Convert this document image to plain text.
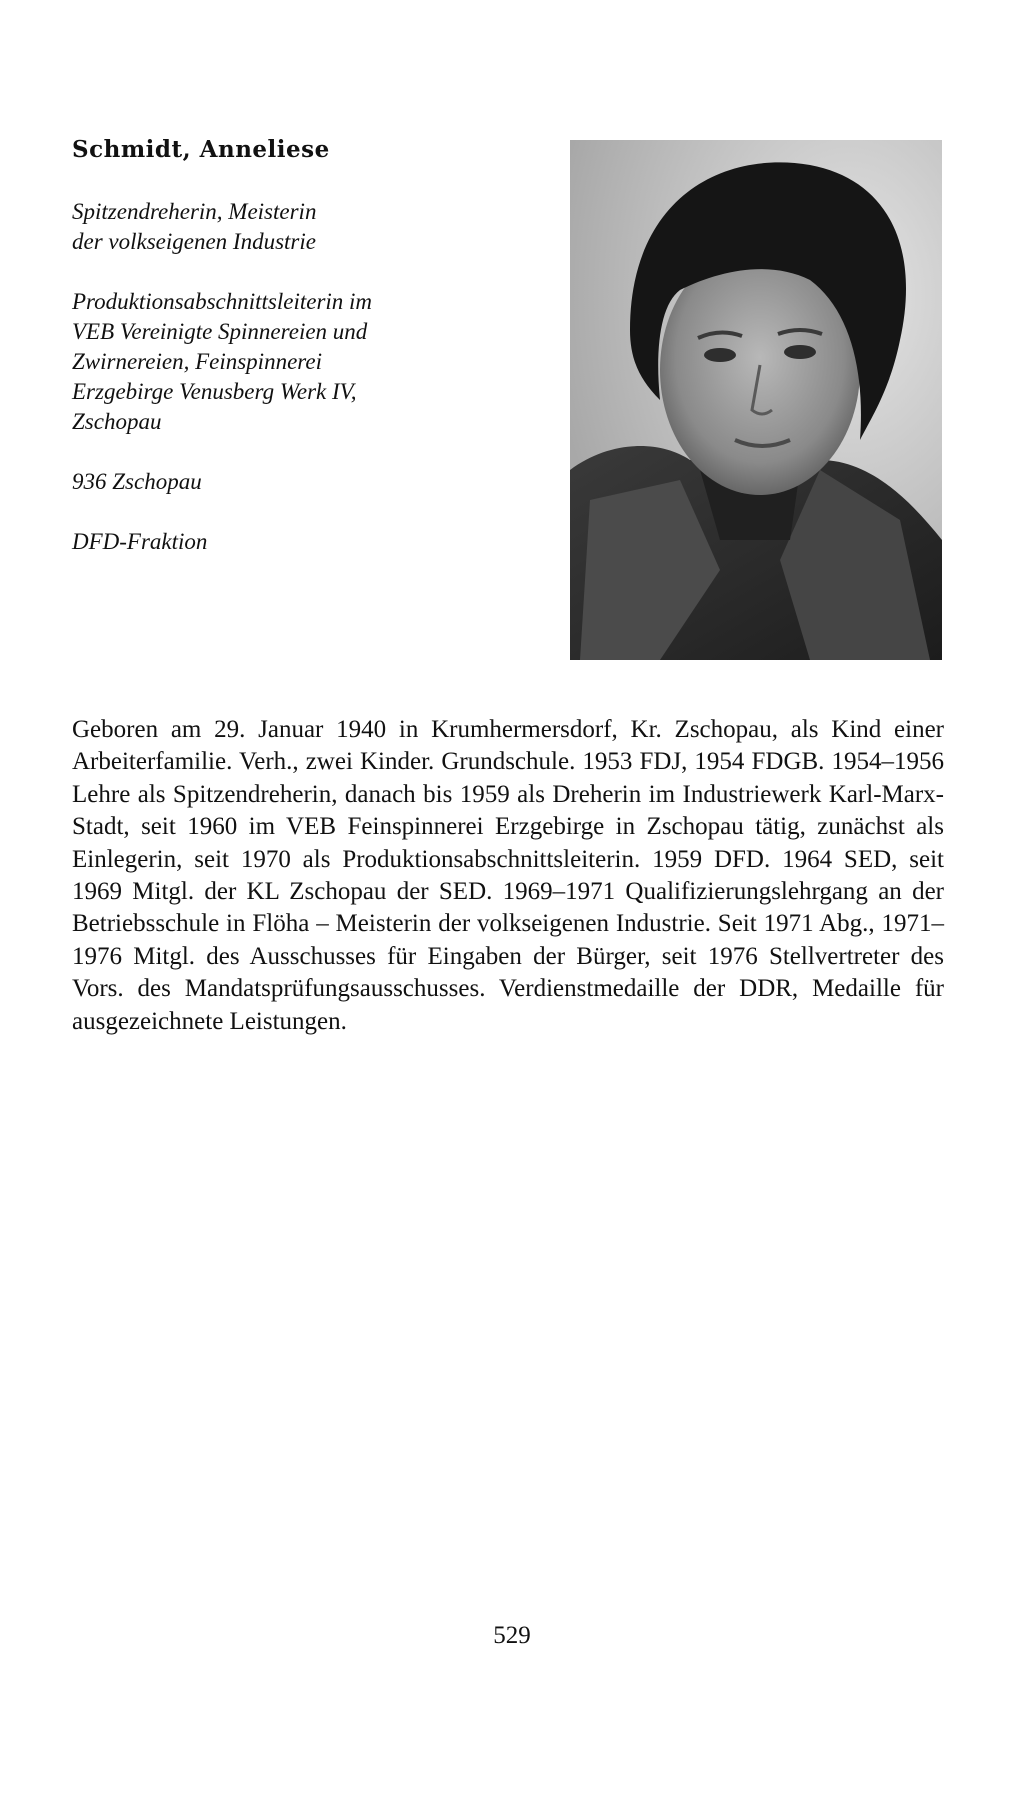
Schmidt, Anneliese

Spitzendreherin, Meisterin

der volkseigenen Industrie

Produktionsabschnittsleiterin im

VEB Vereinigte Spinnereien und

Zwirnereien, Feinspinnerei

Erzgebirge Venusberg Werk IV,

Zschopau

936 Zschopau

DFD-Fraktion

Geboren am 29. Januar 1940 in Krumhermersdorf, Kr. Zschopau, als Kind einer Arbeiterfamilie. Verh., zwei Kinder. Grundschule. 1953 FDJ, 1954 FDGB. 1954–1956 Lehre als Spitzendreherin, danach bis 1959 als Dreherin im Industriewerk Karl-Marx-Stadt, seit 1960 im VEB Feinspinnerei Erzgebirge in Zschopau tätig, zunächst als Einlegerin, seit 1970 als Produktionsabschnittsleiterin. 1959 DFD. 1964 SED, seit 1969 Mitgl. der KL Zschopau der SED. 1969–1971 Qualifizierungslehrgang an der Betriebsschule in Flöha – Meisterin der volkseigenen Industrie. Seit 1971 Abg., 1971–1976 Mitgl. des Ausschusses für Eingaben der Bürger, seit 1976 Stellvertreter des Vors. des Mandatsprüfungsausschusses. Verdienstmedaille der DDR, Medaille für ausgezeichnete Leistungen.

529
